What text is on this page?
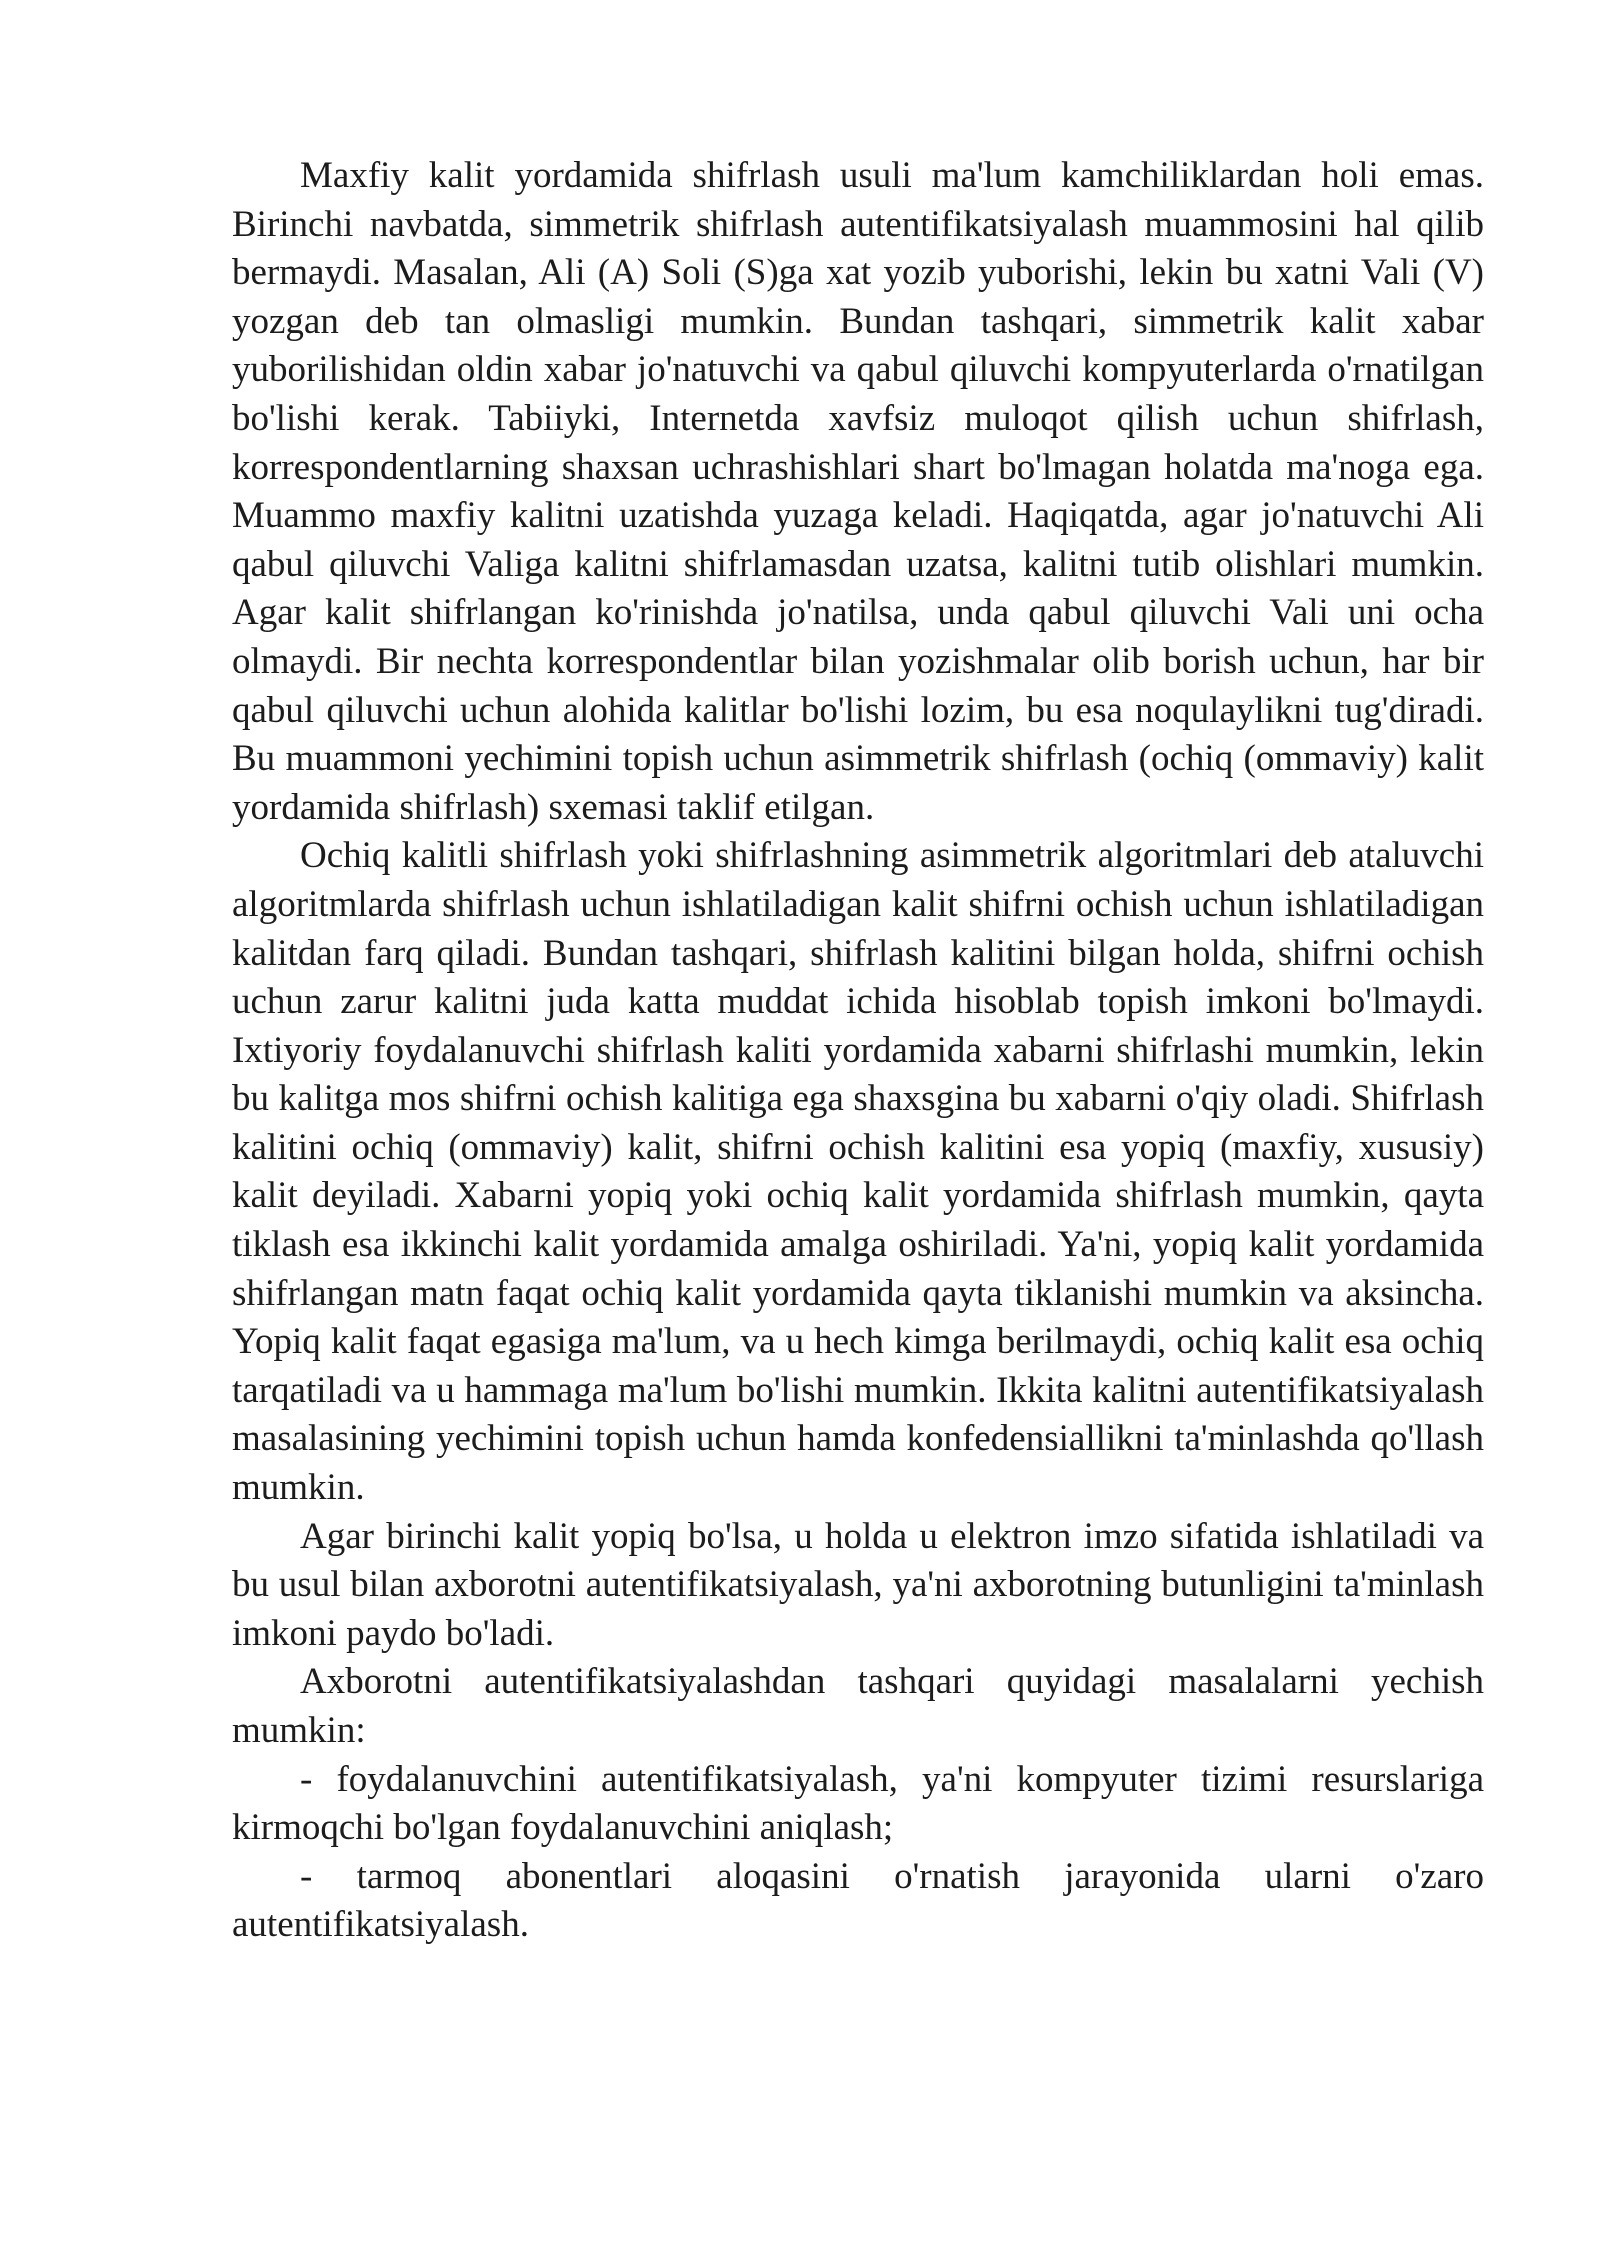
Maxfiy kalit yordamida shifrlash usuli ma'lum kamchiliklardan holi emas. Birinchi navbatda, simmetrik shifrlash autentifikatsiyalash muammosini hal qilib bermaydi. Masalan, Ali (A) Soli (S)ga xat yozib yuborishi, lekin bu xatni Vali (V) yozgan deb tan olmasligi mumkin. Bundan tashqari, simmetrik kalit xabar yuborilishidan oldin xabar jo'natuvchi va qabul qiluvchi kompyuterlarda o'rnatilgan bo'lishi kerak. Tabiiyki, Internetda xavfsiz muloqot qilish uchun shifrlash, korrespondentlarning shaxsan uchrashishlari shart bo'lmagan holatda ma'noga ega. Muammo maxfiy kalitni uzatishda yuzaga keladi. Haqiqatda, agar jo'natuvchi Ali qabul qiluvchi Valiga kalitni shifrlamasdan uzatsa, kalitni tutib olishlari mumkin. Agar kalit shifrlangan ko'rinishda jo'natilsa, unda qabul qiluvchi Vali uni ocha olmaydi. Bir nechta korrespondentlar bilan yozishmalar olib borish uchun, har bir qabul qiluvchi uchun alohida kalitlar bo'lishi lozim, bu esa noqulaylikni tug'diradi. Bu muammoni yechimini topish uchun asimmetrik shifrlash (ochiq (ommaviy) kalit yordamida shifrlash) sxemasi taklif etilgan.

Ochiq kalitli shifrlash yoki shifrlashning asimmetrik algoritmlari deb ataluvchi algoritmlarda shifrlash uchun ishlatiladigan kalit shifrni ochish uchun ishlatiladigan kalitdan farq qiladi. Bundan tashqari, shifrlash kalitini bilgan holda, shifrni ochish uchun zarur kalitni juda katta muddat ichida hisoblab topish imkoni bo'lmaydi. Ixtiyoriy foydalanuvchi shifrlash kaliti yordamida xabarni shifrlashi mumkin, lekin bu kalitga mos shifrni ochish kalitiga ega shaxsgina bu xabarni o'qiy oladi. Shifrlash kalitini ochiq (ommaviy) kalit, shifrni ochish kalitini esa yopiq (maxfiy, xususiy) kalit deyiladi. Xabarni yopiq yoki ochiq kalit yordamida shifrlash mumkin, qayta tiklash esa ikkinchi kalit yordamida amalga oshiriladi. Ya'ni, yopiq kalit yordamida shifrlangan matn faqat ochiq kalit yordamida qayta tiklanishi mumkin va aksincha. Yopiq kalit faqat egasiga ma'lum, va u hech kimga berilmaydi, ochiq kalit esa ochiq tarqatiladi va u hammaga ma'lum bo'lishi mumkin. Ikkita kalitni autentifikatsiyalash masalasining yechimini topish uchun hamda konfedensiallikni ta'minlashda qo'llash mumkin.

Agar birinchi kalit yopiq bo'lsa, u holda u elektron imzo sifatida ishlatiladi va bu usul bilan axborotni autentifikatsiyalash, ya'ni axborotning butunligini ta'minlash imkoni paydo bo'ladi.

Axborotni autentifikatsiyalashdan tashqari quyidagi masalalarni yechish mumkin:

- foydalanuvchini autentifikatsiyalash, ya'ni kompyuter tizimi resurslariga kirmoqchi bo'lgan foydalanuvchini aniqlash;

- tarmoq abonentlari aloqasini o'rnatish jarayonida ularni o'zaro autentifikatsiyalash.
